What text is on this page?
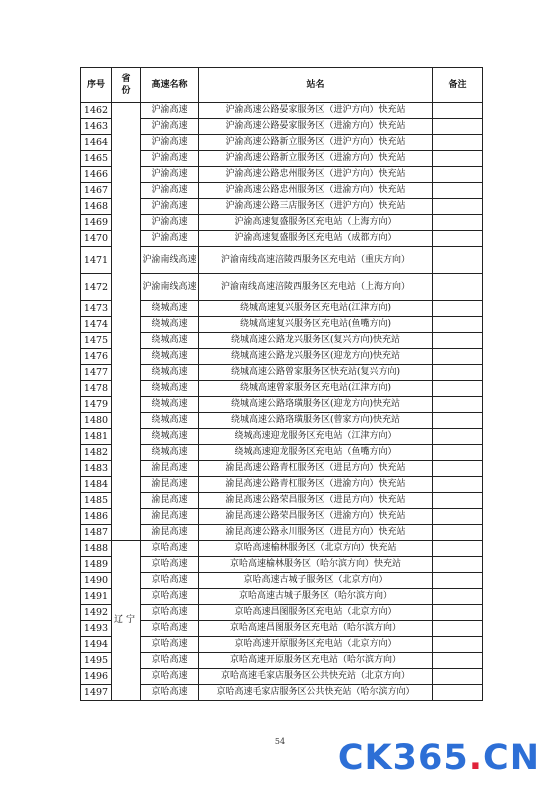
序号	省份	高速名称	站名	备注
1462		沪渝高速	沪渝高速公路晏家服务区（进沪方向）快充站	
1463		沪渝高速	沪渝高速公路晏家服务区（进渝方向）快充站	
1464		沪渝高速	沪渝高速公路新立服务区（进沪方向）快充站	
1465		沪渝高速	沪渝高速公路新立服务区（进渝方向）快充站	
1466		沪渝高速	沪渝高速公路忠州服务区（进沪方向）快充站	
1467		沪渝高速	沪渝高速公路忠州服务区（进渝方向）快充站	
1468		沪渝高速	沪渝高速公路三店服务区（进沪方向）快充站	
1469		沪渝高速	沪渝高速复盛服务区充电站（上海方向）	
1470		沪渝高速	沪渝高速复盛服务区充电站（成都方向）	
1471		沪渝南线高速	沪渝南线高速涪陵西服务区充电站（重庆方向）	
1472		沪渝南线高速	沪渝南线高速涪陵西服务区充电站（上海方向）	
1473		绕城高速	绕城高速复兴服务区充电站(江津方向)	
1474		绕城高速	绕城高速复兴服务区充电站(鱼嘴方向)	
1475		绕城高速	绕城高速公路龙兴服务区(复兴方向)快充站	
1476		绕城高速	绕城高速公路龙兴服务区(迎龙方向)快充站	
1477		绕城高速	绕城高速公路曾家服务区快充站(复兴方向)	
1478		绕城高速	绕城高速曾家服务区充电站(江津方向)	
1479		绕城高速	绕城高速公路珞璜服务区(迎龙方向)快充站	
1480		绕城高速	绕城高速公路珞璜服务区(曾家方向)快充站	
1481		绕城高速	绕城高速迎龙服务区充电站（江津方向）	
1482		绕城高速	绕城高速迎龙服务区充电站（鱼嘴方向）	
1483		渝昆高速	渝昆高速公路青杠服务区（进昆方向）快充站	
1484		渝昆高速	渝昆高速公路青杠服务区（进渝方向）快充站	
1485		渝昆高速	渝昆高速公路荣昌服务区（进昆方向）快充站	
1486		渝昆高速	渝昆高速公路荣昌服务区（进渝方向）快充站	
1487		渝昆高速	渝昆高速公路永川服务区（进昆方向）快充站	
1488	辽宁	京哈高速	京哈高速榆林服务区（北京方向）快充站	
1489		京哈高速	京哈高速榆林服务区（哈尔滨方向）快充站	
1490		京哈高速	京哈高速古城子服务区（北京方向）	
1491		京哈高速	京哈高速古城子服务区（哈尔滨方向）	
1492		京哈高速	京哈高速昌图服务区充电站（北京方向）	
1493		京哈高速	京哈高速昌图服务区充电站（哈尔滨方向）	
1494		京哈高速	京哈高速开原服务区充电站（北京方向）	
1495		京哈高速	京哈高速开原服务区充电站（哈尔滨方向）	
1496		京哈高速	京哈高速毛家店服务区公共快充站（北京方向）	
1497		京哈高速	京哈高速毛家店服务区公共快充站（哈尔滨方向）	
54	CK365.CN
